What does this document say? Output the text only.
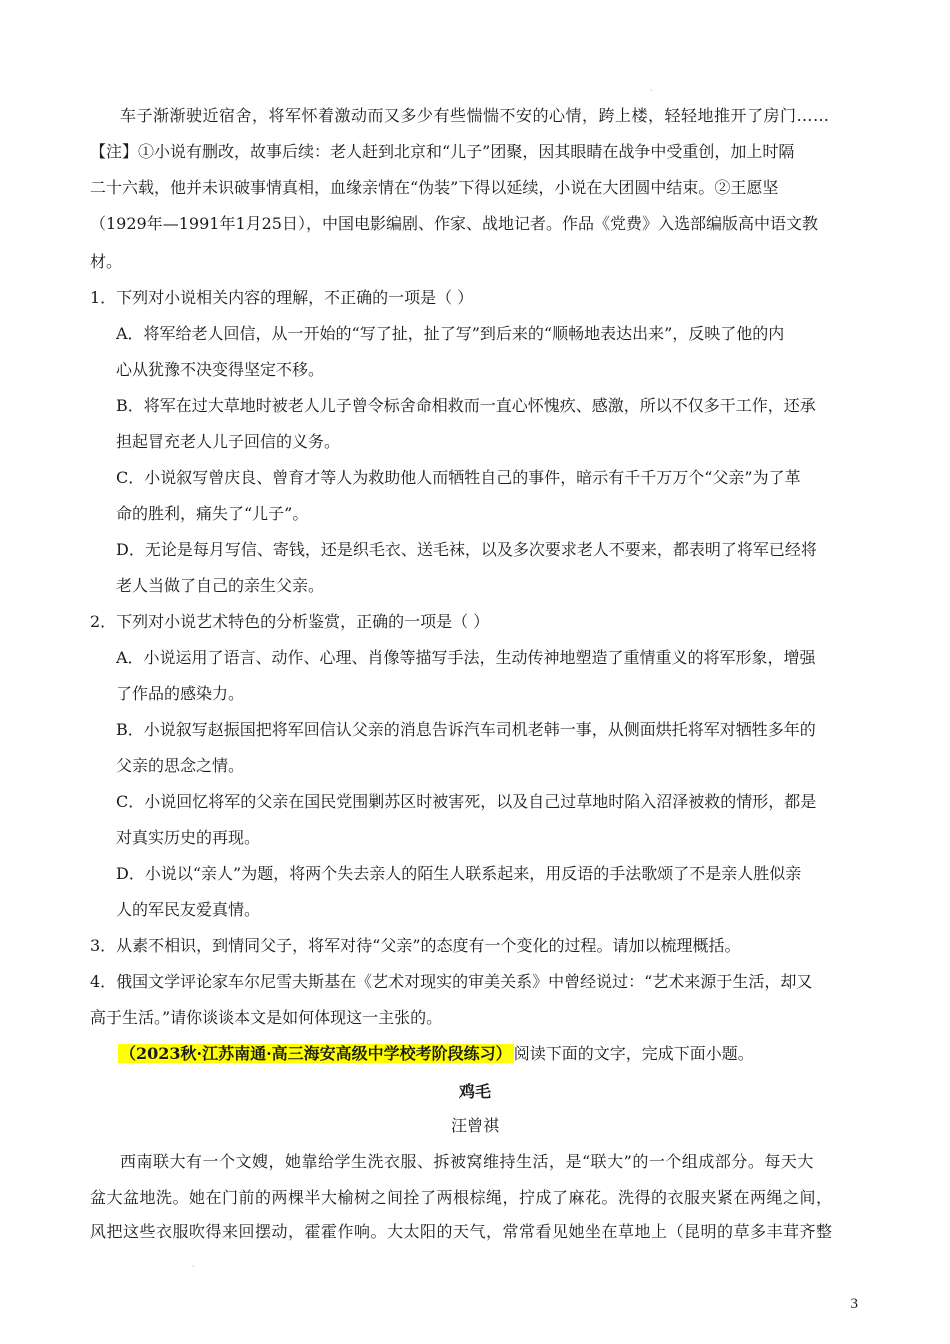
·
车子渐渐驶近宿舍，将军怀着激动而又多少有些惴惴不安的心情，跨上楼，轻轻地推开了房门……
【注】①小说有删改，故事后续：老人赶到北京和“儿子”团聚，因其眼睛在战争中受重创，加上时隔
二十六载，他并未识破事情真相，血缘亲情在“伪装”下得以延续，小说在大团圆中结束。②王愿坚
（1929年—1991年1月25日），中国电影编剧、作家、战地记者。作品《党费》入选部编版高中语文教
材。
1．下列对小说相关内容的理解，不正确的一项是（ ）
A．将军给老人回信，从一开始的“写了扯，扯了写”到后来的“顺畅地表达出来”，反映了他的内
心从犹豫不决变得坚定不移。
B．将军在过大草地时被老人儿子曾令标舍命相救而一直心怀愧疚、感激，所以不仅多干工作，还承
担起冒充老人儿子回信的义务。
C．小说叙写曾庆良、曾育才等人为救助他人而牺牲自己的事件，暗示有千千万万个“父亲”为了革
命的胜利，痛失了“儿子”。
D．无论是每月写信、寄钱，还是织毛衣、送毛袜，以及多次要求老人不要来，都表明了将军已经将
老人当做了自己的亲生父亲。
2．下列对小说艺术特色的分析鉴赏，正确的一项是（ ）
A．小说运用了语言、动作、心理、肖像等描写手法，生动传神地塑造了重情重义的将军形象，增强
了作品的感染力。
B．小说叙写赵振国把将军回信认父亲的消息告诉汽车司机老韩一事，从侧面烘托将军对牺牲多年的
父亲的思念之情。
C．小说回忆将军的父亲在国民党围剿苏区时被害死，以及自己过草地时陷入沼泽被救的情形，都是
对真实历史的再现。
D．小说以“亲人”为题，将两个失去亲人的陌生人联系起来，用反语的手法歌颂了不是亲人胜似亲
人的军民友爱真情。
3．从素不相识，到情同父子，将军对待“父亲”的态度有一个变化的过程。请加以梳理概括。
4．俄国文学评论家车尔尼雪夫斯基在《艺术对现实的审美关系》中曾经说过：“艺术来源于生活，却又
高于生活。”请你谈谈本文是如何体现这一主张的。
（2023秋·江苏南通·高三海安高级中学校考阶段练习） 阅读下面的文字，完成下面小题。
鸡毛
汪曾祺
西南联大有一个文嫂，她靠给学生洗衣服、拆被窝维持生活，是“联大”的一个组成部分。每天大
盆大盆地洗。她在门前的两棵半大榆树之间拴了两根棕绳，拧成了麻花。洗得的衣服夹紧在两绳之间，
风把这些衣服吹得来回摆动，霍霍作响。大太阳的天气，常常看见她坐在草地上（昆明的草多丰茸齐整
·
3
